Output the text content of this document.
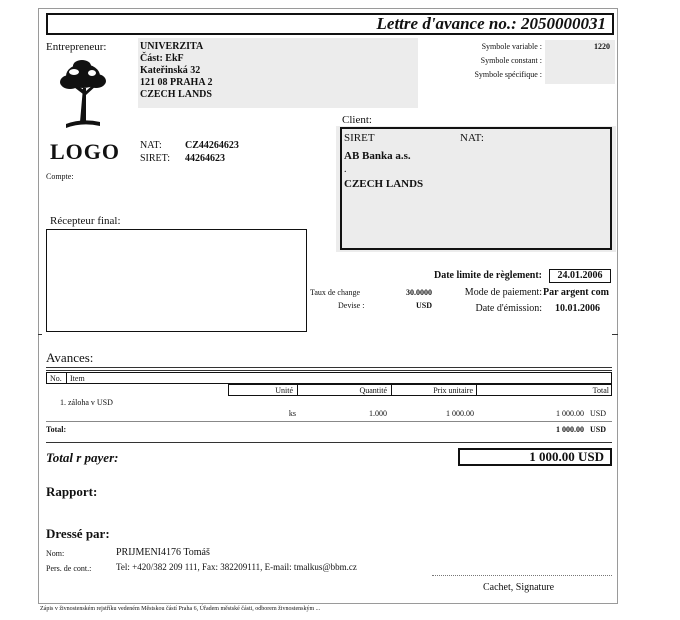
Lettre d'avance no.: 2050000031
Entrepreneur:	UNIVERZITA
Část: EkF
Kateřinská 32
121 08 PRAHA 2
CZECH LANDS
LOGO NAT: CZ44264623
SIRET: 44264623
Compte:
Symbole variable :	1220
Symbole constant :
Symbole spécifique :
Client:
SIRET	NAT:
AB Banka a.s.
.
CZECH LANDS
Récepteur final:
Date limite de règlement:	24.01.2006
Mode de paiement: Par argent com
Date d'émission: 10.01.2006
Taux de change	30.0000
Devise :	USD
Avances:
No. Item
Unité	Quantité	Prix unitaire	Total
1. záloha v USD
ks	1.000	1 000.00	1 000.00 USD
Total:	1 000.00 USD
Total r payer:	1 000.00 USD
Rapport:
Dressé par:
Nom:	PRIJMENI4176 Tomáš
Pers. de cont.:	Tel: +420/382 209 111, Fax: 382209111, E-mail: tmalkus@bbm.cz
Cachet, Signature
Zápis v živnostenském rejstříku vedeném Městskou částí Praha 6, Úřadem městské části, odborem živnostenským ...
